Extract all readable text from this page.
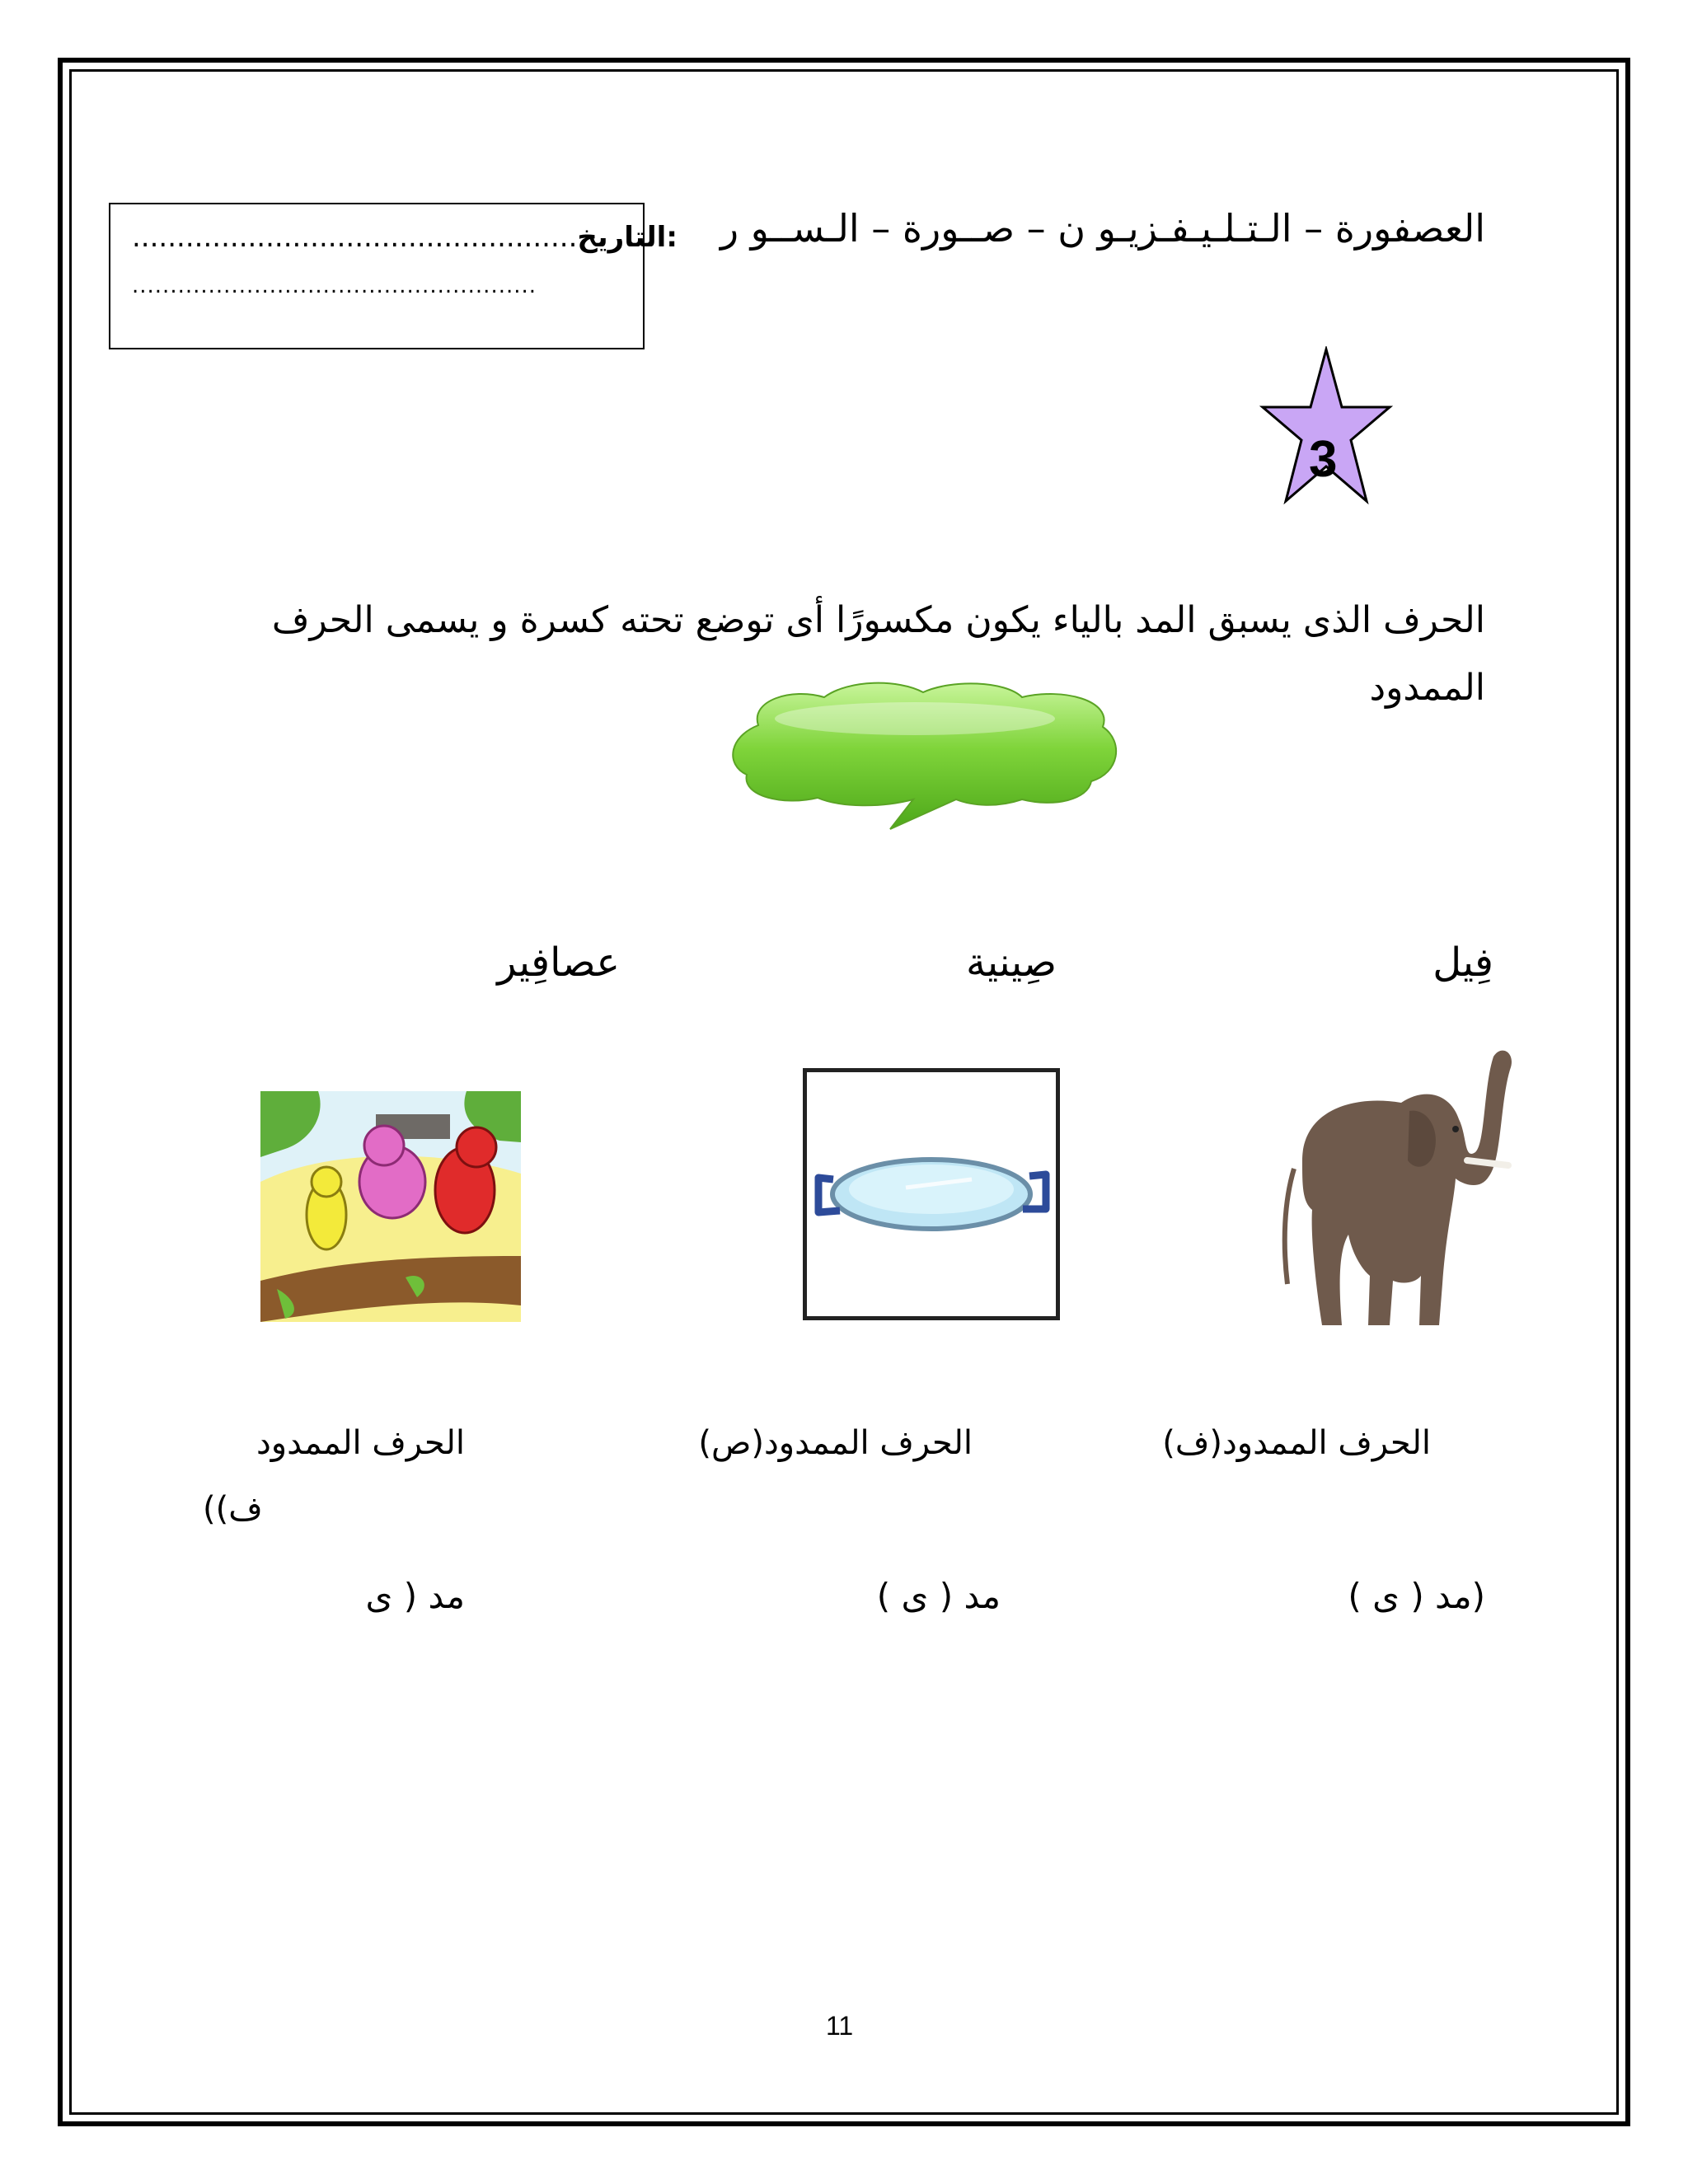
العصفورة – الـتـلـيـفـزيـو ن – صــورة – الـســو ر
..................................................التاريخ:
.....................................................
3
الحرف الذى يسبق المد بالياء يكون مكسورًا أى توضع تحته كسرة و يسمى الحرف الممدود
فِيل
صِينية
عصافِير
الحرف الممدود(ف)
الحرف الممدود(ص)
الحرف الممدود
((ف
(مد ( ى )
مد ( ى )
مد ( ى
11
